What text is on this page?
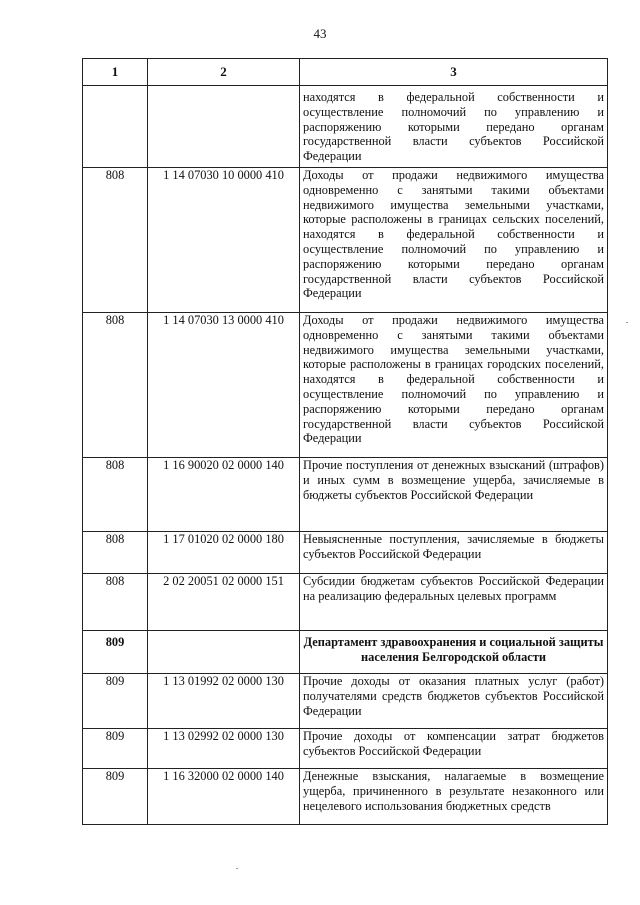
43
1	2	3
		находятся в федеральной собственности и осуществление полномочий по управлению и распоряжению которыми передано органам государственной власти субъектов Российской Федерации
808	1 14 07030 10 0000 410	Доходы от продажи недвижимого имущества одновременно с занятыми такими объектами недвижимого имущества земельными участками, которые расположены в границах сельских поселений, находятся в федеральной собственности и осуществление полномочий по управлению и распоряжению которыми передано органам государственной власти субъектов Российской Федерации
808	1 14 07030 13 0000 410	Доходы от продажи недвижимого имущества одновременно с занятыми такими объектами недвижимого имущества земельными участками, которые расположены в границах городских поселений, находятся в федеральной собственности и осуществление полномочий по управлению и распоряжению которыми передано органам государственной власти субъектов Российской Федерации
808	1 16 90020 02 0000 140	Прочие поступления от денежных взысканий (штрафов) и иных сумм в возмещение ущерба, зачисляемые в бюджеты субъектов Российской Федерации
808	1 17 01020 02 0000 180	Невыясненные поступления, зачисляемые в бюджеты субъектов Российской Федерации
808	2 02 20051 02 0000 151	Субсидии бюджетам субъектов Российской Федерации на реализацию федеральных целевых программ
809		Департамент здравоохранения и социальной защиты населения Белгородской области
809	1 13 01992 02 0000 130	Прочие доходы от оказания платных услуг (работ) получателями средств бюджетов субъектов Российской Федерации
809	1 13 02992 02 0000 130	Прочие доходы от компенсации затрат бюджетов субъектов Российской Федерации
809	1 16 32000 02 0000 140	Денежные взыскания, налагаемые в возмещение ущерба, причиненного в результате незаконного или нецелевого использования бюджетных средств
